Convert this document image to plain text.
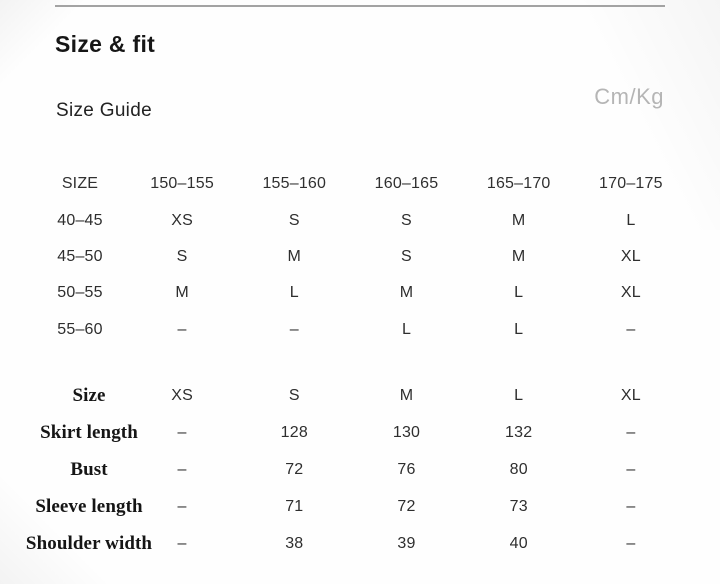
Size & fit
Cm/Kg
Size Guide
SIZE	150–155	155–160	160–165	165–170	170–175
40–45	XS	S	S	M	L
45–50	S	M	S	M	XL
50–55	M	L	M	L	XL
55–60	–	–	L	L	–
Size	XS	S	M	L	XL
Skirt length	–	128	130	132	–
Bust	–	72	76	80	–
Sleeve length	–	71	72	73	–
Shoulder width	–	38	39	40	–
